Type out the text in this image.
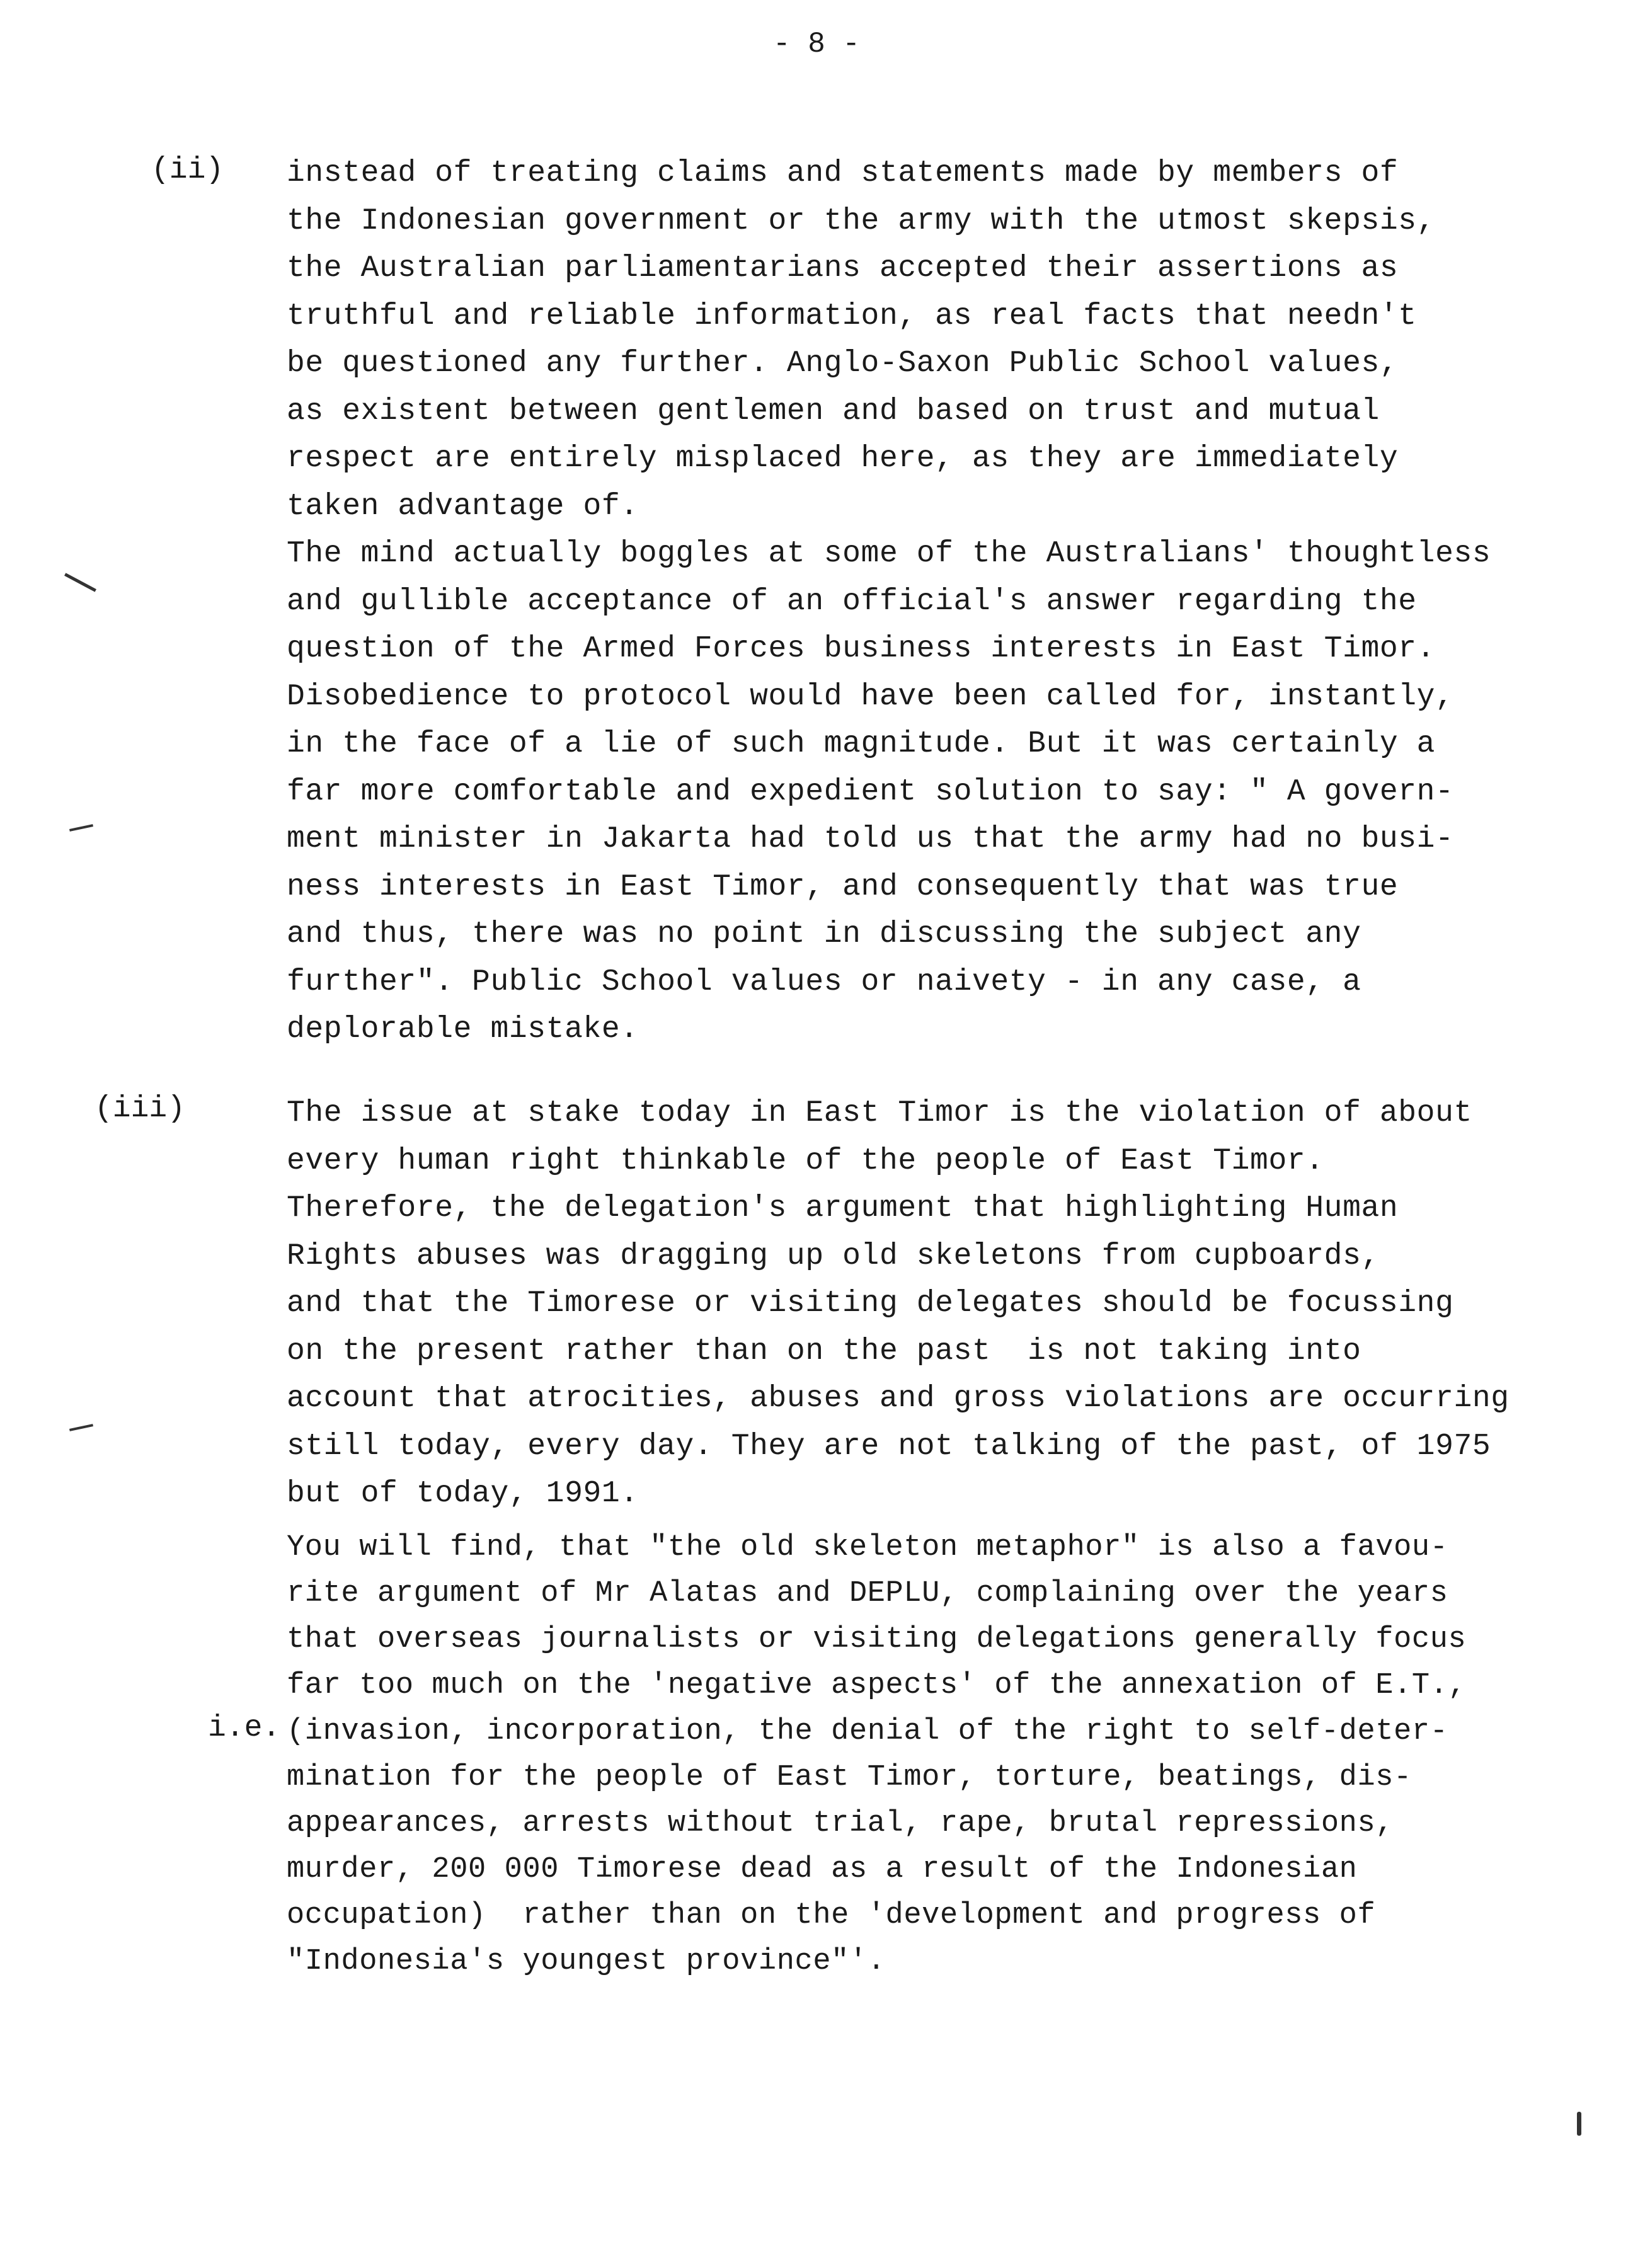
- 8 -
(ii) instead of treating claims and statements made by members of
the Indonesian government or the army with the utmost skepsis,
the Australian parliamentarians accepted their assertions as
truthful and reliable information, as real facts that needn't
be questioned any further. Anglo-Saxon Public School values,
as existent between gentlemen and based on trust and mutual
respect are entirely misplaced here, as they are immediately
taken advantage of.
The mind actually boggles at some of the Australians' thoughtless
and gullible acceptance of an official's answer regarding the
question of the Armed Forces business interests in East Timor.
Disobedience to protocol would have been called for, instantly,
in the face of a lie of such magnitude. But it was certainly a
far more comfortable and expedient solution to say: " A govern-
ment minister in Jakarta had told us that the army had no busi-
ness interests in East Timor, and consequently that was true
and thus, there was no point in discussing the subject any
further". Public School values or naivety - in any case, a
deplorable mistake.
(iii)	The issue at stake today in East Timor is the violation of about
every human right thinkable of the people of East Timor.
Therefore, the delegation's argument that highlighting Human
Rights abuses was dragging up old skeletons from cupboards,
and that the Timorese or visiting delegates should be focussing
on the present rather than on the past  is not taking into
account that atrocities, abuses and gross violations are occurring
still today, every day. They are not talking of the past, of 1975
but of today, 1991.
You will find, that "the old skeleton metaphor" is also a favou-
rite argument of Mr Alatas and DEPLU, complaining over the years
that overseas journalists or visiting delegations generally focus
far too much on the 'negative aspects' of the annexation of E.T.,
(invasion, incorporation, the denial of the right to self-deter-
mination for the people of East Timor, torture, beatings, dis-
appearances, arrests without trial, rape, brutal repressions,
murder, 200 000 Timorese dead as a result of the Indonesian
occupation)  rather than on the 'development and progress of
"Indonesia's youngest province"'.
i.e.
